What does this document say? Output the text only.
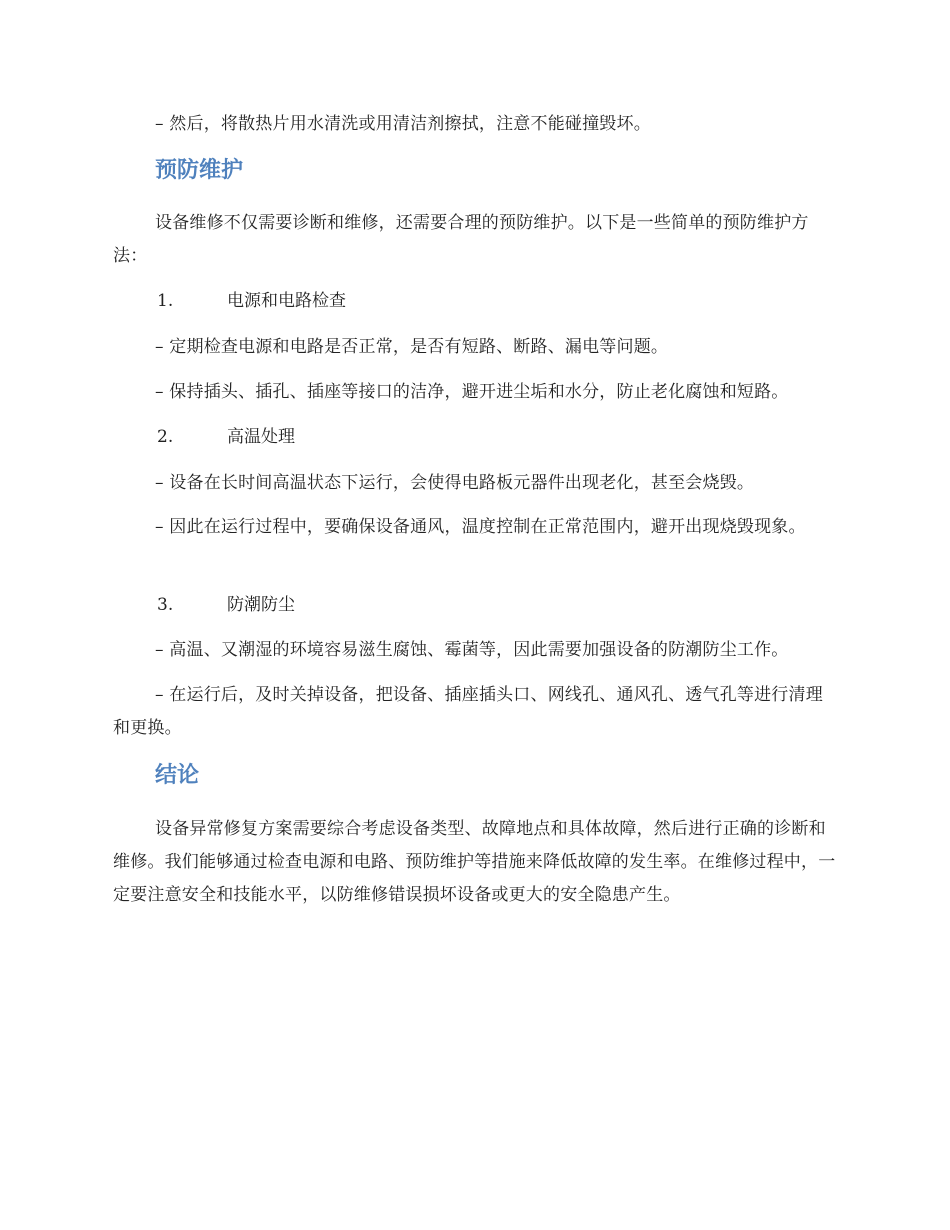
– 然后，将散热片用水清洗或用清洁剂擦拭，注意不能碰撞毁坏。
预防维护
设备维修不仅需要诊断和维修，还需要合理的预防维护。以下是一些简单的预防维护方法：
1.	电源和电路检查
– 定期检查电源和电路是否正常，是否有短路、断路、漏电等问题。
– 保持插头、插孔、插座等接口的洁净，避开进尘垢和水分，防止老化腐蚀和短路。
2.	高温处理
– 设备在长时间高温状态下运行，会使得电路板元器件出现老化，甚至会烧毁。
– 因此在运行过程中，要确保设备通风，温度控制在正常范围内，避开出现烧毁现象。
3.	防潮防尘
– 高温、又潮湿的环境容易滋生腐蚀、霉菌等，因此需要加强设备的防潮防尘工作。
– 在运行后，及时关掉设备，把设备、插座插头口、网线孔、通风孔、透气孔等进行清理和更换。
结论
设备异常修复方案需要综合考虑设备类型、故障地点和具体故障，然后进行正确的诊断和维修。我们能够通过检查电源和电路、预防维护等措施来降低故障的发生率。在维修过程中，一定要注意安全和技能水平，以防维修错误损坏设备或更大的安全隐患产生。
